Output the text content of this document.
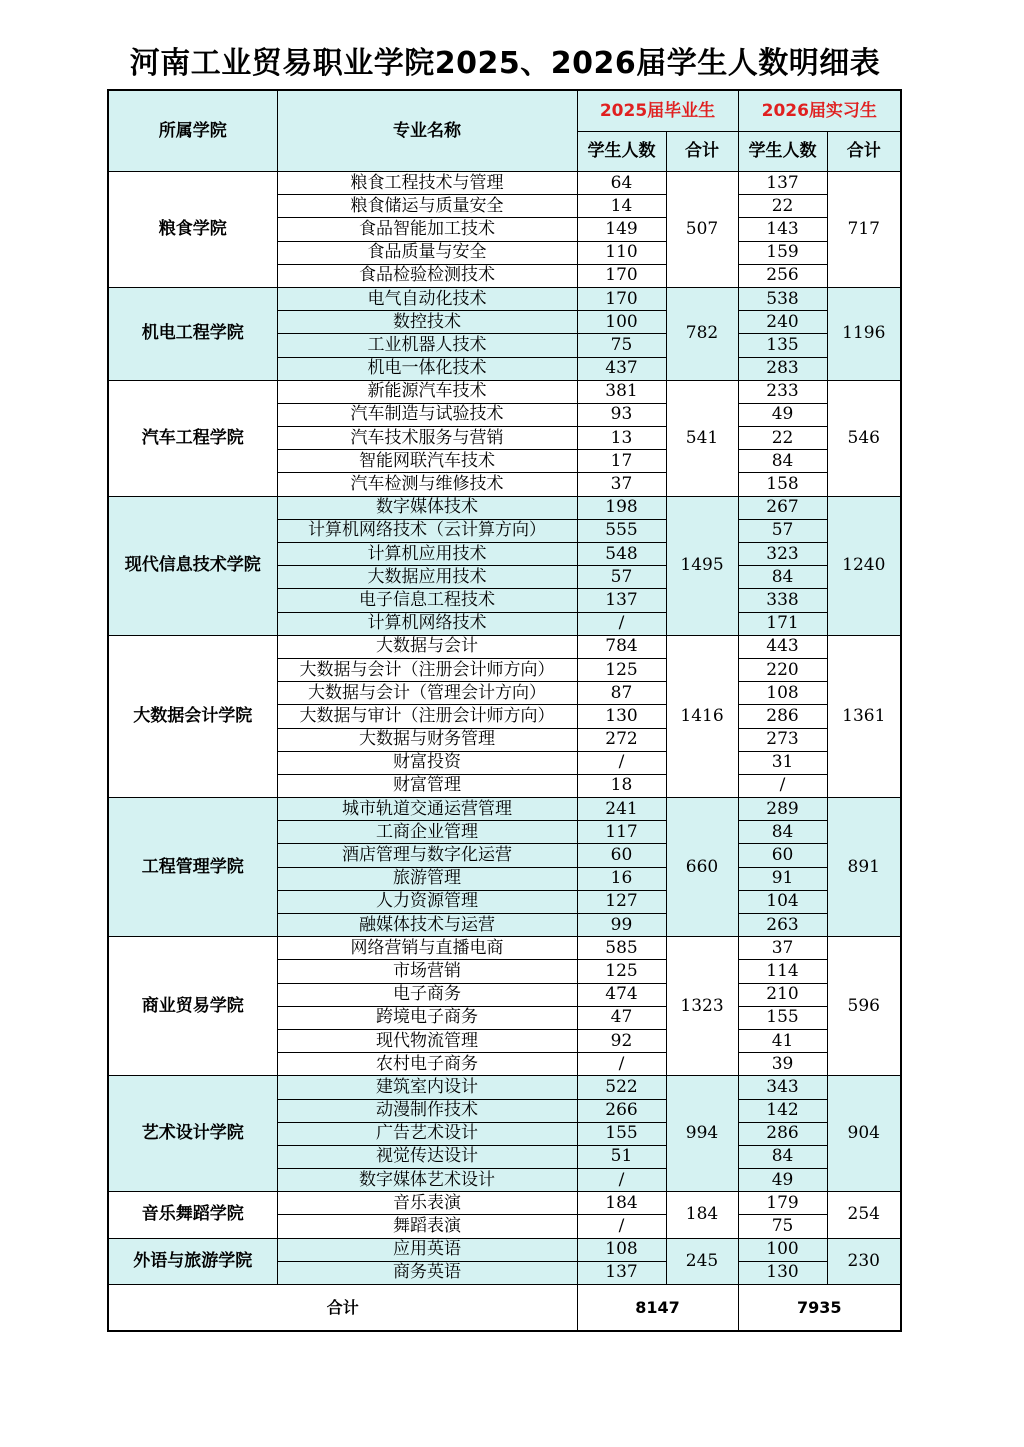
河南工业贸易职业学院2025、2026届学生人数明细表
所属学院	专业名称	2025届毕业生		2026届实习生	
		学生人数	合计	学生人数	合计
粮食学院	粮食工程技术与管理	64	507	137	717
	粮食储运与质量安全	14		22	
	食品智能加工技术	149		143	
	食品质量与安全	110		159	
	食品检验检测技术	170		256	
机电工程学院	电气自动化技术	170	782	538	1196
	数控技术	100		240	
	工业机器人技术	75		135	
	机电一体化技术	437		283	
汽车工程学院	新能源汽车技术	381	541	233	546
	汽车制造与试验技术	93		49	
	汽车技术服务与营销	13		22	
	智能网联汽车技术	17		84	
	汽车检测与维修技术	37		158	
现代信息技术学院	数字媒体技术	198	1495	267	1240
	计算机网络技术（云计算方向）	555		57	
	计算机应用技术	548		323	
	大数据应用技术	57		84	
	电子信息工程技术	137		338	
	计算机网络技术	/		171	
大数据会计学院	大数据与会计	784	1416	443	1361
	大数据与会计（注册会计师方向）	125		220	
	大数据与会计（管理会计方向）	87		108	
	大数据与审计（注册会计师方向）	130		286	
	大数据与财务管理	272		273	
	财富投资	/		31	
	财富管理	18		/	
工程管理学院	城市轨道交通运营管理	241	660	289	891
	工商企业管理	117		84	
	酒店管理与数字化运营	60		60	
	旅游管理	16		91	
	人力资源管理	127		104	
	融媒体技术与运营	99		263	
商业贸易学院	网络营销与直播电商	585	1323	37	596
	市场营销	125		114	
	电子商务	474		210	
	跨境电子商务	47		155	
	现代物流管理	92		41	
	农村电子商务	/		39	
艺术设计学院	建筑室内设计	522	994	343	904
	动漫制作技术	266		142	
	广告艺术设计	155		286	
	视觉传达设计	51		84	
	数字媒体艺术设计	/		49	
音乐舞蹈学院	音乐表演	184	184	179	254
	舞蹈表演	/		75	
外语与旅游学院	应用英语	108	245	100	230
	商务英语	137		130	
合计		8147		7935	
